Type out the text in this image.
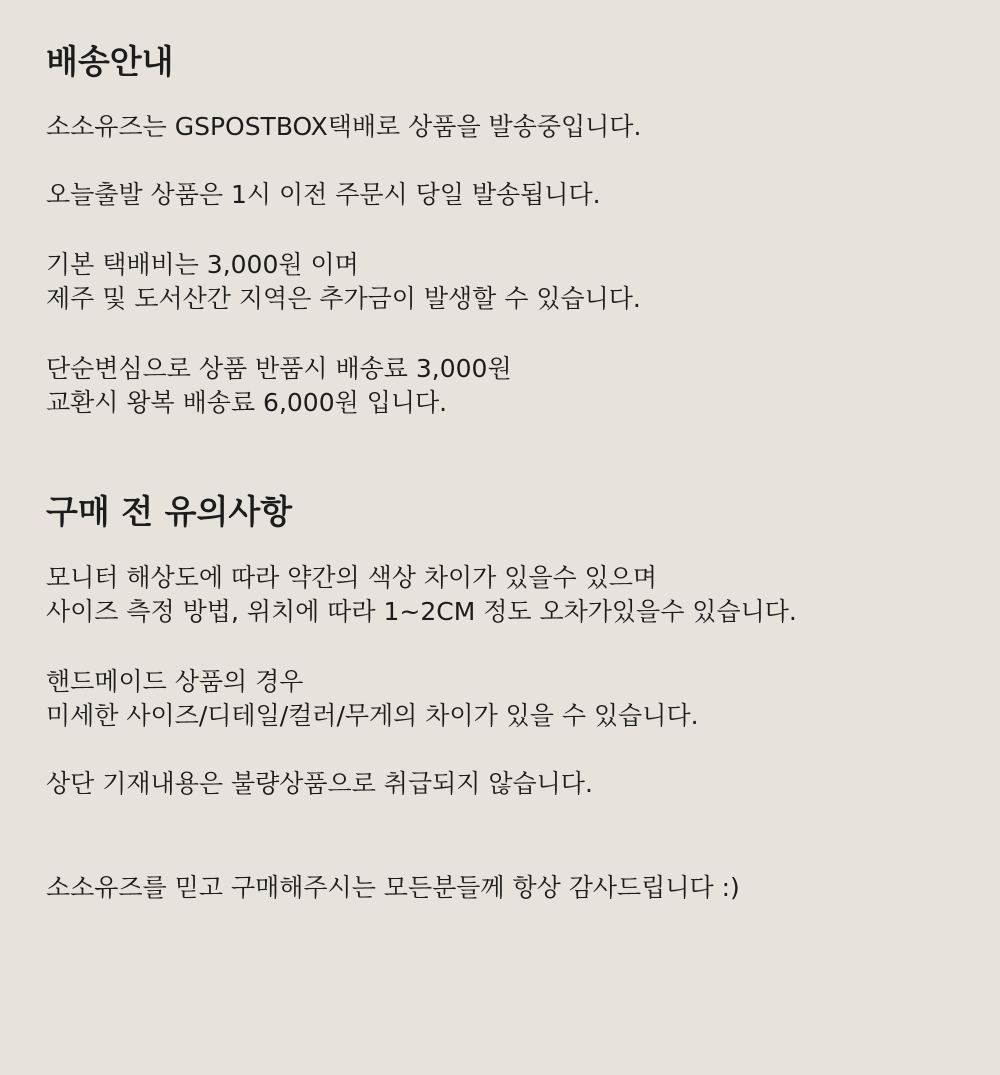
배송안내

소소유즈는 GSPOSTBOX택배로 상품을 발송중입니다.

오늘출발 상품은 1시 이전 주문시 당일 발송됩니다.

기본 택배비는 3,000원 이며

제주 및 도서산간 지역은 추가금이 발생할 수 있습니다.

단순변심으로 상품 반품시 배송료 3,000원

교환시 왕복 배송료 6,000원 입니다.

구매 전 유의사항

모니터 해상도에 따라 약간의 색상 차이가 있을수 있으며

사이즈 측정 방법, 위치에 따라 1~2CM 정도 오차가있을수 있습니다.

핸드메이드 상품의 경우

미세한 사이즈/디테일/컬러/무게의 차이가 있을 수 있습니다.

상단 기재내용은 불량상품으로 취급되지 않습니다.

소소유즈를 믿고 구매해주시는 모든분들께 항상 감사드립니다 :)
